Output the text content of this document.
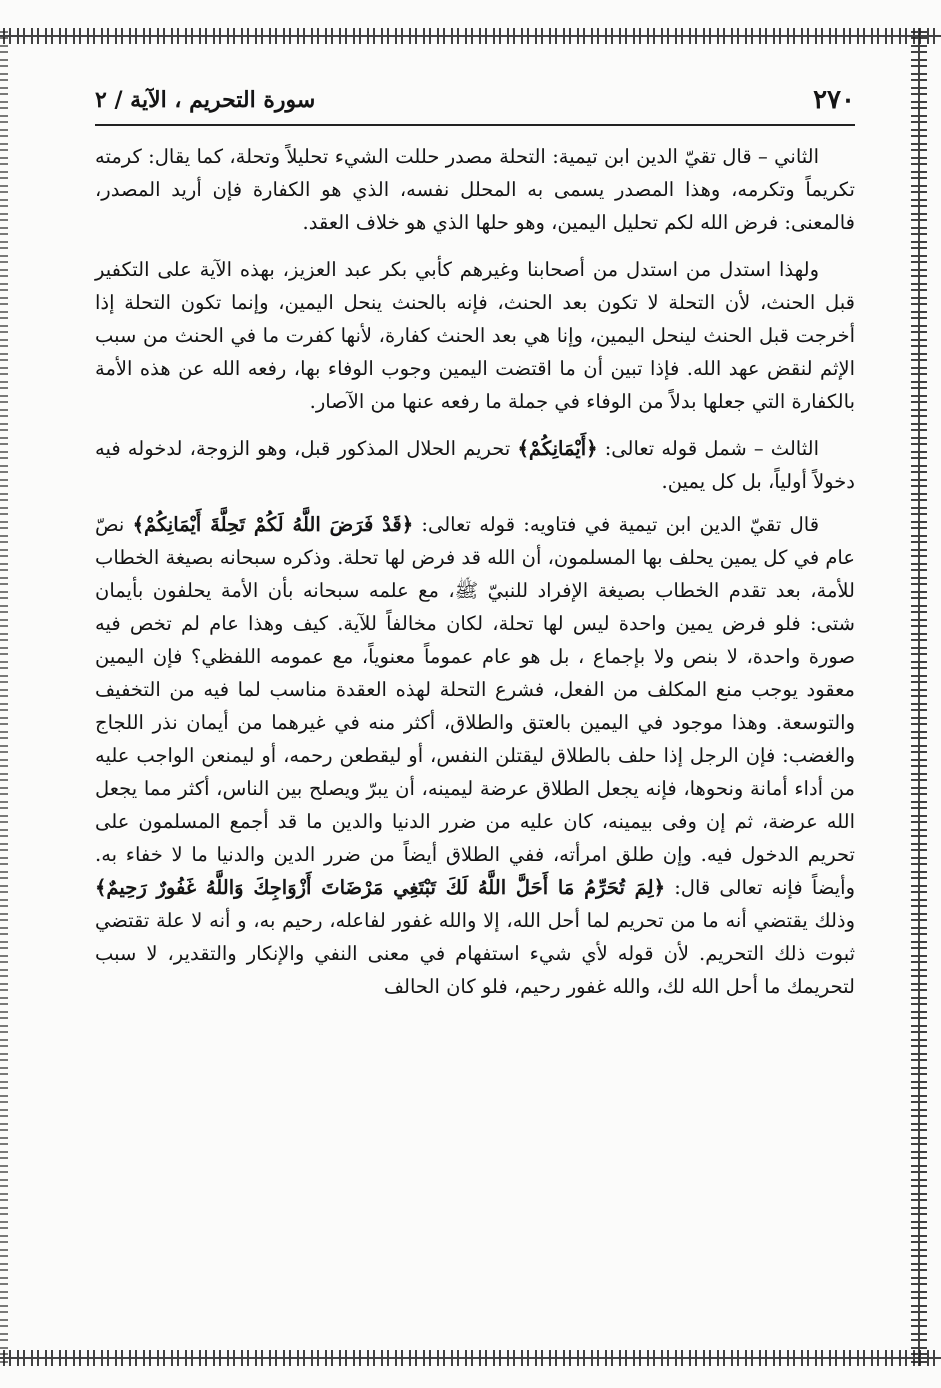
٢٧٠
سورة التحريم ، الآية / ٢

الثاني – قال تقيّ الدين ابن تيمية: التحلة مصدر حللت الشيء تحليلاً وتحلة، كما يقال: كرمته تكريماً وتكرمه، وهذا المصدر يسمى به المحلل نفسه، الذي هو الكفارة فإن أريد المصدر، فالمعنى: فرض الله لكم تحليل اليمين، وهو حلها الذي هو خلاف العقد.

ولهذا استدل من استدل من أصحابنا وغيرهم كأبي بكر عبد العزيز، بهذه الآية على التكفير قبل الحنث، لأن التحلة لا تكون بعد الحنث، فإنه بالحنث ينحل اليمين، وإنما تكون التحلة إذا أخرجت قبل الحنث لينحل اليمين، وإنا هي بعد الحنث كفارة، لأنها كفرت ما في الحنث من سبب الإثم لنقض عهد الله. فإذا تبين أن ما اقتضت اليمين وجوب الوفاء بها، رفعه الله عن هذه الأمة بالكفارة التي جعلها بدلاً من الوفاء في جملة ما رفعه عنها من الآصار.

الثالث – شمل قوله تعالى: ﴿أَيْمَانِكُمْ﴾ تحريم الحلال المذكور قبل، وهو الزوجة، لدخوله فيه دخولاً أولياً، بل كل يمين.

قال تقيّ الدين ابن تيمية في فتاويه: قوله تعالى: ﴿قَدْ فَرَضَ اللَّهُ لَكُمْ تَحِلَّةَ أَيْمَانِكُمْ﴾ نصّ عام في كل يمين يحلف بها المسلمون، أن الله قد فرض لها تحلة. وذكره سبحانه بصيغة الخطاب للأمة، بعد تقدم الخطاب بصيغة الإفراد للنبيّ ﷺ، مع علمه سبحانه بأن الأمة يحلفون بأيمان شتى: فلو فرض يمين واحدة ليس لها تحلة، لكان مخالفاً للآية. كيف وهذا عام لم تخص فيه صورة واحدة، لا بنص ولا بإجماع ، بل هو عام عموماً معنوياً، مع عمومه اللفظي؟ فإن اليمين معقود يوجب منع المكلف من الفعل، فشرع التحلة لهذه العقدة مناسب لما فيه من التخفيف والتوسعة. وهذا موجود في اليمين بالعتق والطلاق، أكثر منه في غيرهما من أيمان نذر اللجاج والغضب: فإن الرجل إذا حلف بالطلاق ليقتلن النفس، أو ليقطعن رحمه، أو ليمنعن الواجب عليه من أداء أمانة ونحوها، فإنه يجعل الطلاق عرضة ليمينه، أن يبرّ ويصلح بين الناس، أكثر مما يجعل الله عرضة، ثم إن وفى بيمينه، كان عليه من ضرر الدنيا والدين ما قد أجمع المسلمون على تحريم الدخول فيه. وإن طلق امرأته، ففي الطلاق أيضاً من ضرر الدين والدنيا ما لا خفاء به. وأيضاً فإنه تعالى قال: ﴿لِمَ تُحَرِّمُ مَا أَحَلَّ اللَّهُ لَكَ تَبْتَغِي مَرْضَاتَ أَزْوَاجِكَ وَاللَّهُ غَفُورٌ رَحِيمٌ﴾ وذلك يقتضي أنه ما من تحريم لما أحل الله، إلا والله غفور لفاعله، رحيم به، و أنه لا علة تقتضي ثبوت ذلك التحريم. لأن قوله لأي شيء استفهام في معنى النفي والإنكار والتقدير، لا سبب لتحريمك ما أحل الله لك، والله غفور رحيم، فلو كان الحالف
